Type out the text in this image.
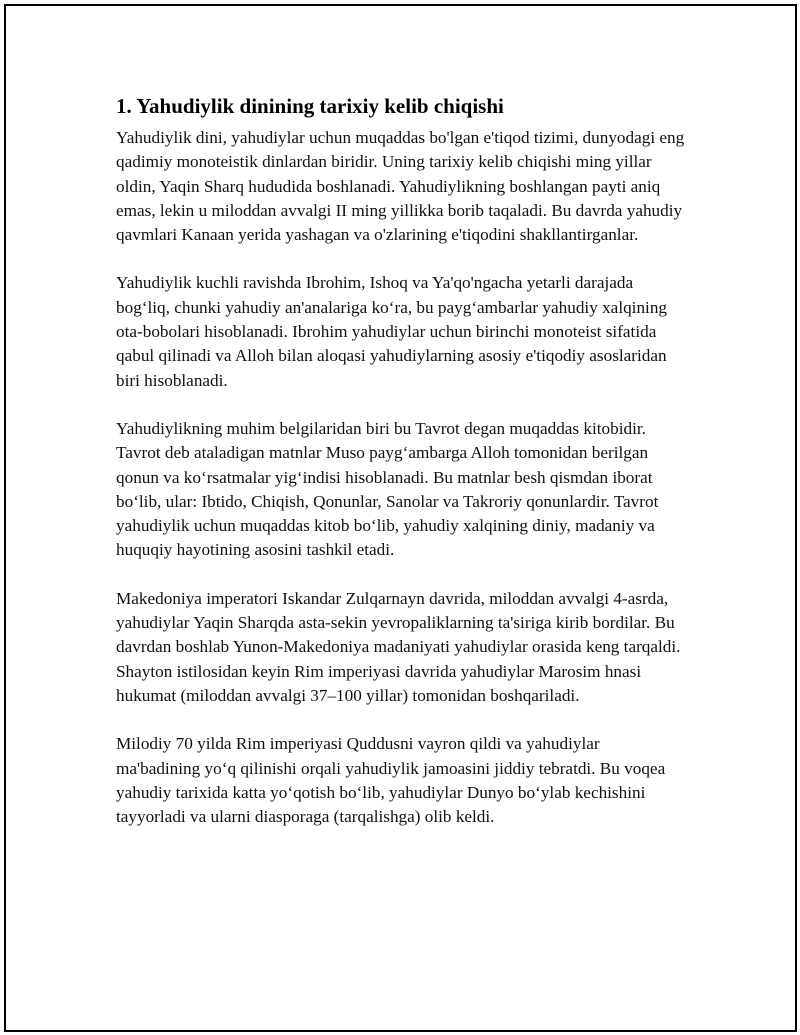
1. Yahudiylik dinining tarixiy kelib chiqishi

Yahudiylik dini, yahudiylar uchun muqaddas bo'lgan e'tiqod tizimi, dunyodagi eng qadimiy monoteistik dinlardan biridir. Uning tarixiy kelib chiqishi ming yillar oldin, Yaqin Sharq hududida boshlanadi. Yahudiylikning boshlangan payti aniq emas, lekin u miloddan avvalgi II ming yillikka borib taqaladi. Bu davrda yahudiy qavmlari Kanaan yerida yashagan va o'zlarining e'tiqodini shakllantirganlar.

Yahudiylik kuchli ravishda Ibrohim, Ishoq va Ya'qo'ngacha yetarli darajada bog‘liq, chunki yahudiy an'analariga ko‘ra, bu payg‘ambarlar yahudiy xalqining ota-bobolari hisoblanadi. Ibrohim yahudiylar uchun birinchi monoteist sifatida qabul qilinadi va Alloh bilan aloqasi yahudiylarning asosiy e'tiqodiy asoslaridan biri hisoblanadi.

Yahudiylikning muhim belgilaridan biri bu Tavrot degan muqaddas kitobidir. Tavrot deb ataladigan matnlar Muso payg‘ambarga Alloh tomonidan berilgan qonun va ko‘rsatmalar yig‘indisi hisoblanadi. Bu matnlar besh qismdan iborat bo‘lib, ular: Ibtido, Chiqish, Qonunlar, Sanolar va Takroriy qonunlardir. Tavrot yahudiylik uchun muqaddas kitob bo‘lib, yahudiy xalqining diniy, madaniy va huquqiy hayotining asosini tashkil etadi.

Makedoniya imperatori Iskandar Zulqarnayn davrida, miloddan avvalgi 4-asrda, yahudiylar Yaqin Sharqda asta-sekin yevropaliklarning ta'siriga kirib bordilar. Bu davrdan boshlab Yunon-Makedoniya madaniyati yahudiylar orasida keng tarqaldi. Shayton istilosidan keyin Rim imperiyasi davrida yahudiylar Marosim hnasi hukumat (miloddan avvalgi 37–100 yillar) tomonidan boshqariladi.

Milodiy 70 yilda Rim imperiyasi Quddusni vayron qildi va yahudiylar ma'badining yo‘q qilinishi orqali yahudiylik jamoasini jiddiy tebratdi. Bu voqea yahudiy tarixida katta yo‘qotish bo‘lib, yahudiylar Dunyo bo‘ylab kechishini tayyorladi va ularni diasporaga (tarqalishga) olib keldi.
